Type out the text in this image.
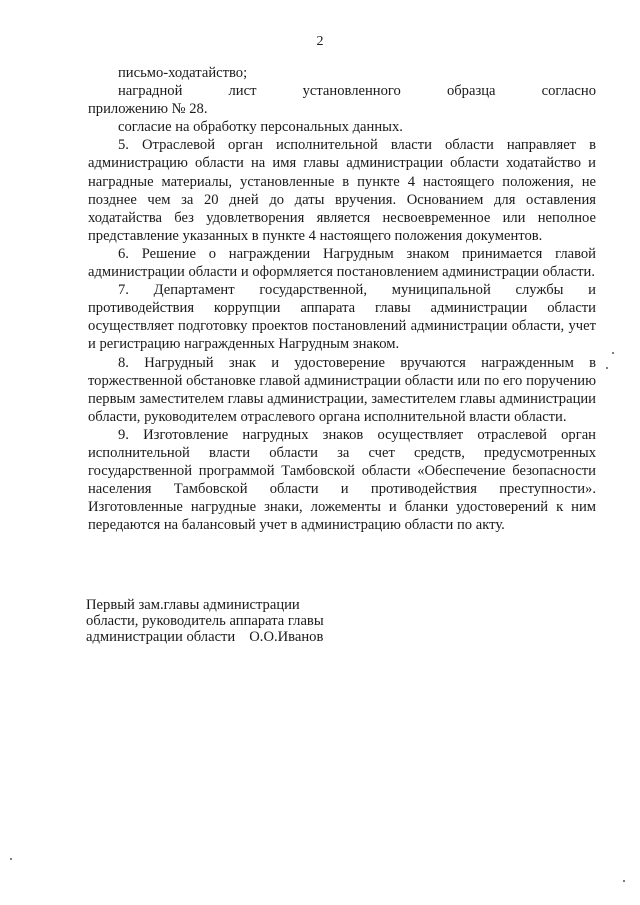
2

письмо-ходатайство;

наградной лист установленного образца согласно

приложению № 28.

согласие на обработку персональных данных.

5. Отраслевой орган исполнительной власти области направляет в администрацию области на имя главы администрации области ходатайство и наградные материалы, установленные в пункте 4 настоящего положения, не позднее чем за 20 дней до даты вручения. Основанием для оставления ходатайства без удовлетворения является несвоевременное или неполное представление указанных в пункте 4 настоящего положения документов.

6. Решение о награждении Нагрудным знаком принимается главой администрации области и оформляется постановлением администрации области.

7. Департамент государственной, муниципальной службы и противодействия коррупции аппарата главы администрации области осуществляет подготовку проектов постановлений администрации области, учет и регистрацию награжденных Нагрудным знаком.

8. Нагрудный знак и удостоверение вручаются награжденным в торжественной обстановке главой администрации области или по его поручению первым заместителем главы администрации, заместителем главы администрации области, руководителем отраслевого органа исполнительной власти области.

9. Изготовление нагрудных знаков осуществляет отраслевой орган исполнительной власти области за счет средств, предусмотренных государственной программой Тамбовской области «Обеспечение безопасности населения Тамбовской области и противодействия преступности». Изготовленные нагрудные знаки, ложементы и бланки удостоверений к ним передаются на балансовый учет в администрацию области по акту.

Первый зам.главы администрации
области, руководитель аппарата главы
администрации области О.О.Иванов
